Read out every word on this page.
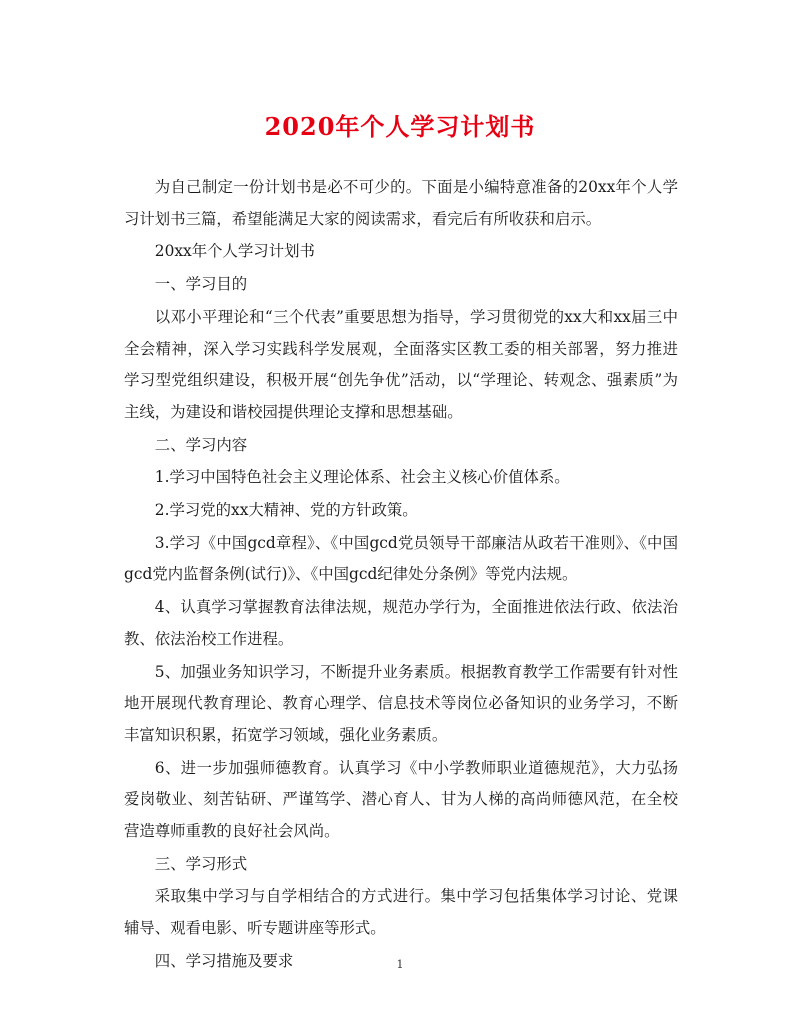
2020年个人学习计划书

为自己制定一份计划书是必不可少的。下面是小编特意准备的20xx年个人学习计划书三篇，希望能满足大家的阅读需求，看完后有所收获和启示。

20xx年个人学习计划书

一、学习目的

以邓小平理论和“三个代表”重要思想为指导，学习贯彻党的xx大和xx届三中全会精神，深入学习实践科学发展观，全面落实区教工委的相关部署，努力推进学习型党组织建设，积极开展“创先争优”活动，以“学理论、转观念、强素质”为主线，为建设和谐校园提供理论支撑和思想基础。

二、学习内容

1.学习中国特色社会主义理论体系、社会主义核心价值体系。

2.学习党的xx大精神、党的方针政策。

3.学习《中国gcd章程》、《中国gcd党员领导干部廉洁从政若干准则》、《中国gcd党内监督条例(试行)》、《中国gcd纪律处分条例》等党内法规。

4、认真学习掌握教育法律法规，规范办学行为，全面推进依法行政、依法治教、依法治校工作进程。

5、加强业务知识学习，不断提升业务素质。根据教育教学工作需要有针对性地开展现代教育理论、教育心理学、信息技术等岗位必备知识的业务学习，不断丰富知识积累，拓宽学习领域，强化业务素质。

6、进一步加强师德教育。认真学习《中小学教师职业道德规范》，大力弘扬爱岗敬业、刻苦钻研、严谨笃学、潜心育人、甘为人梯的高尚师德风范，在全校营造尊师重教的良好社会风尚。

三、学习形式

采取集中学习与自学相结合的方式进行。集中学习包括集体学习讨论、党课辅导、观看电影、听专题讲座等形式。

四、学习措施及要求	1
